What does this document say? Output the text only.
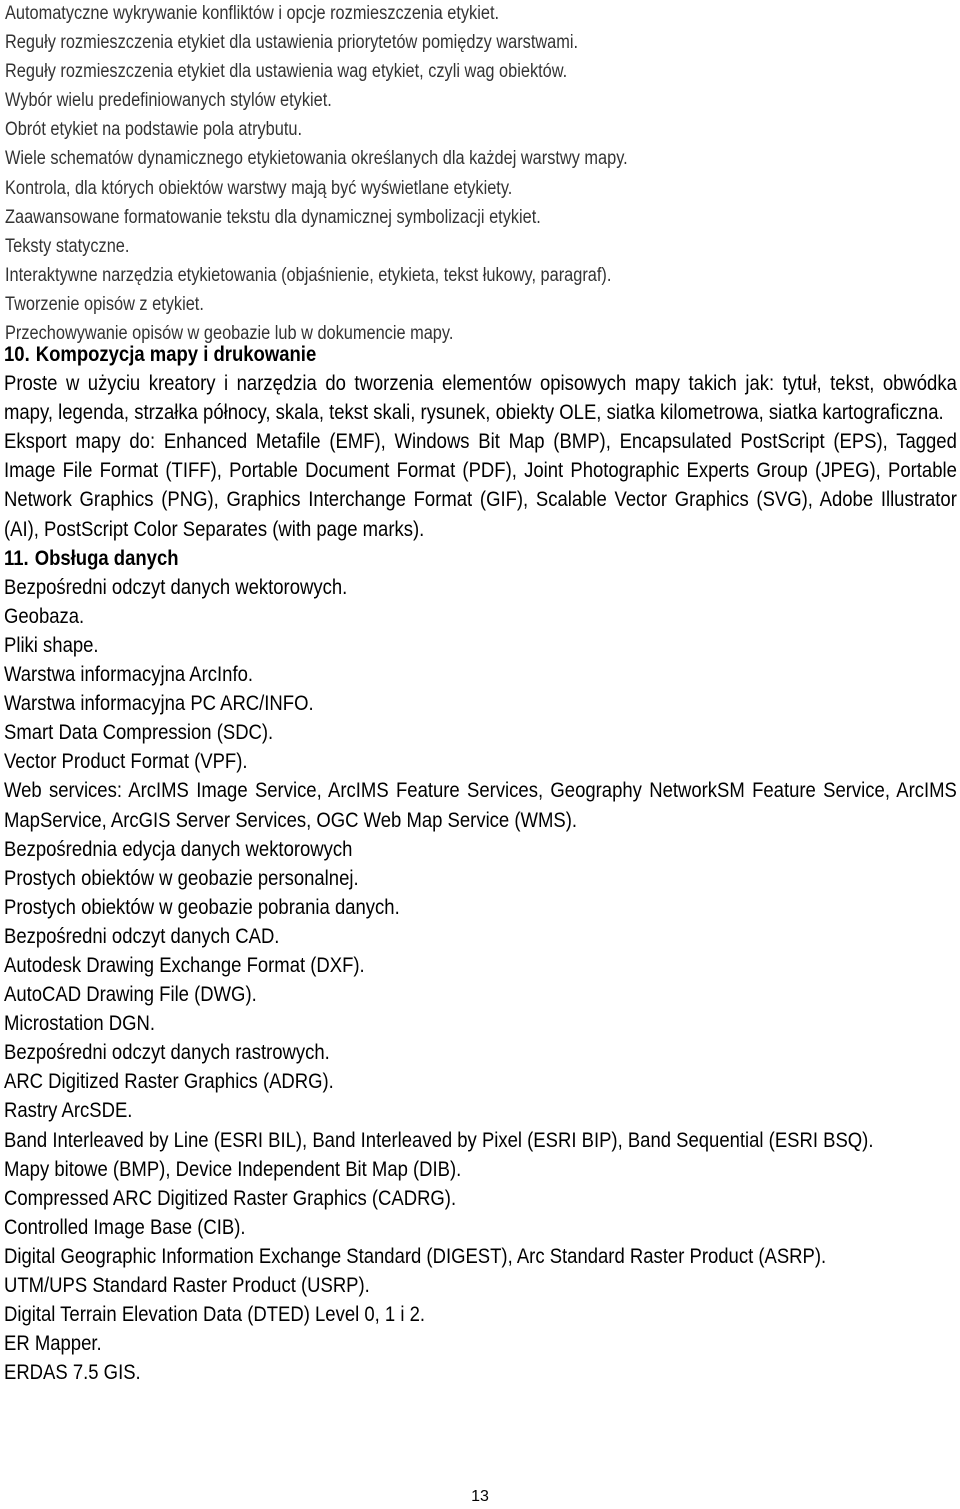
Automatyczne wykrywanie konfliktów i opcje rozmieszczenia etykiet.
Reguły rozmieszczenia etykiet dla ustawienia priorytetów pomiędzy warstwami.
Reguły rozmieszczenia etykiet dla ustawienia wag etykiet, czyli wag obiektów.
Wybór wielu predefiniowanych stylów etykiet.
Obrót etykiet na podstawie pola atrybutu.
Wiele schematów dynamicznego etykietowania określanych dla każdej warstwy mapy.
Kontrola, dla których obiektów warstwy mają być wyświetlane etykiety.
Zaawansowane formatowanie tekstu dla dynamicznej symbolizacji etykiet.
Teksty statyczne.
Interaktywne narzędzia etykietowania (objaśnienie, etykieta, tekst łukowy, paragraf).
Tworzenie opisów z etykiet.
Przechowywanie opisów w geobazie lub w dokumencie mapy.
10. Kompozycja mapy i drukowanie
Proste w użyciu kreatory i narzędzia do tworzenia elementów opisowych mapy takich jak: tytuł, tekst, obwódka mapy, legenda, strzałka północy, skala, tekst skali, rysunek, obiekty OLE, siatka kilometrowa, siatka kartograficzna.
Eksport mapy do: Enhanced Metafile (EMF), Windows Bit Map (BMP), Encapsulated PostScript (EPS), Tagged Image File Format (TIFF), Portable Document Format (PDF), Joint Photographic Experts Group (JPEG), Portable Network Graphics (PNG), Graphics Interchange Format (GIF), Scalable Vector Graphics (SVG), Adobe Illustrator (AI), PostScript Color Separates (with page marks).
11. Obsługa danych
Bezpośredni odczyt danych wektorowych.
Geobaza.
Pliki shape.
Warstwa informacyjna ArcInfo.
Warstwa informacyjna PC ARC/INFO.
Smart Data Compression (SDC).
Vector Product Format (VPF).
Web services: ArcIMS Image Service, ArcIMS Feature Services, Geography NetworkSM Feature Service, ArcIMS MapService, ArcGIS Server Services, OGC Web Map Service (WMS).
Bezpośrednia edycja danych wektorowych
Prostych obiektów w geobazie personalnej.
Prostych obiektów w geobazie pobrania danych.
Bezpośredni odczyt danych CAD.
Autodesk Drawing Exchange Format (DXF).
AutoCAD Drawing File (DWG).
Microstation DGN.
Bezpośredni odczyt danych rastrowych.
ARC Digitized Raster Graphics (ADRG).
Rastry ArcSDE.
Band Interleaved by Line (ESRI BIL), Band Interleaved by Pixel (ESRI BIP), Band Sequential (ESRI BSQ).
Mapy bitowe (BMP), Device Independent Bit Map (DIB).
Compressed ARC Digitized Raster Graphics (CADRG).
Controlled Image Base (CIB).
Digital Geographic Information Exchange Standard (DIGEST), Arc Standard Raster Product (ASRP).
UTM/UPS Standard Raster Product (USRP).
Digital Terrain Elevation Data (DTED) Level 0, 1 i 2.
ER Mapper.
ERDAS 7.5 GIS.
13
